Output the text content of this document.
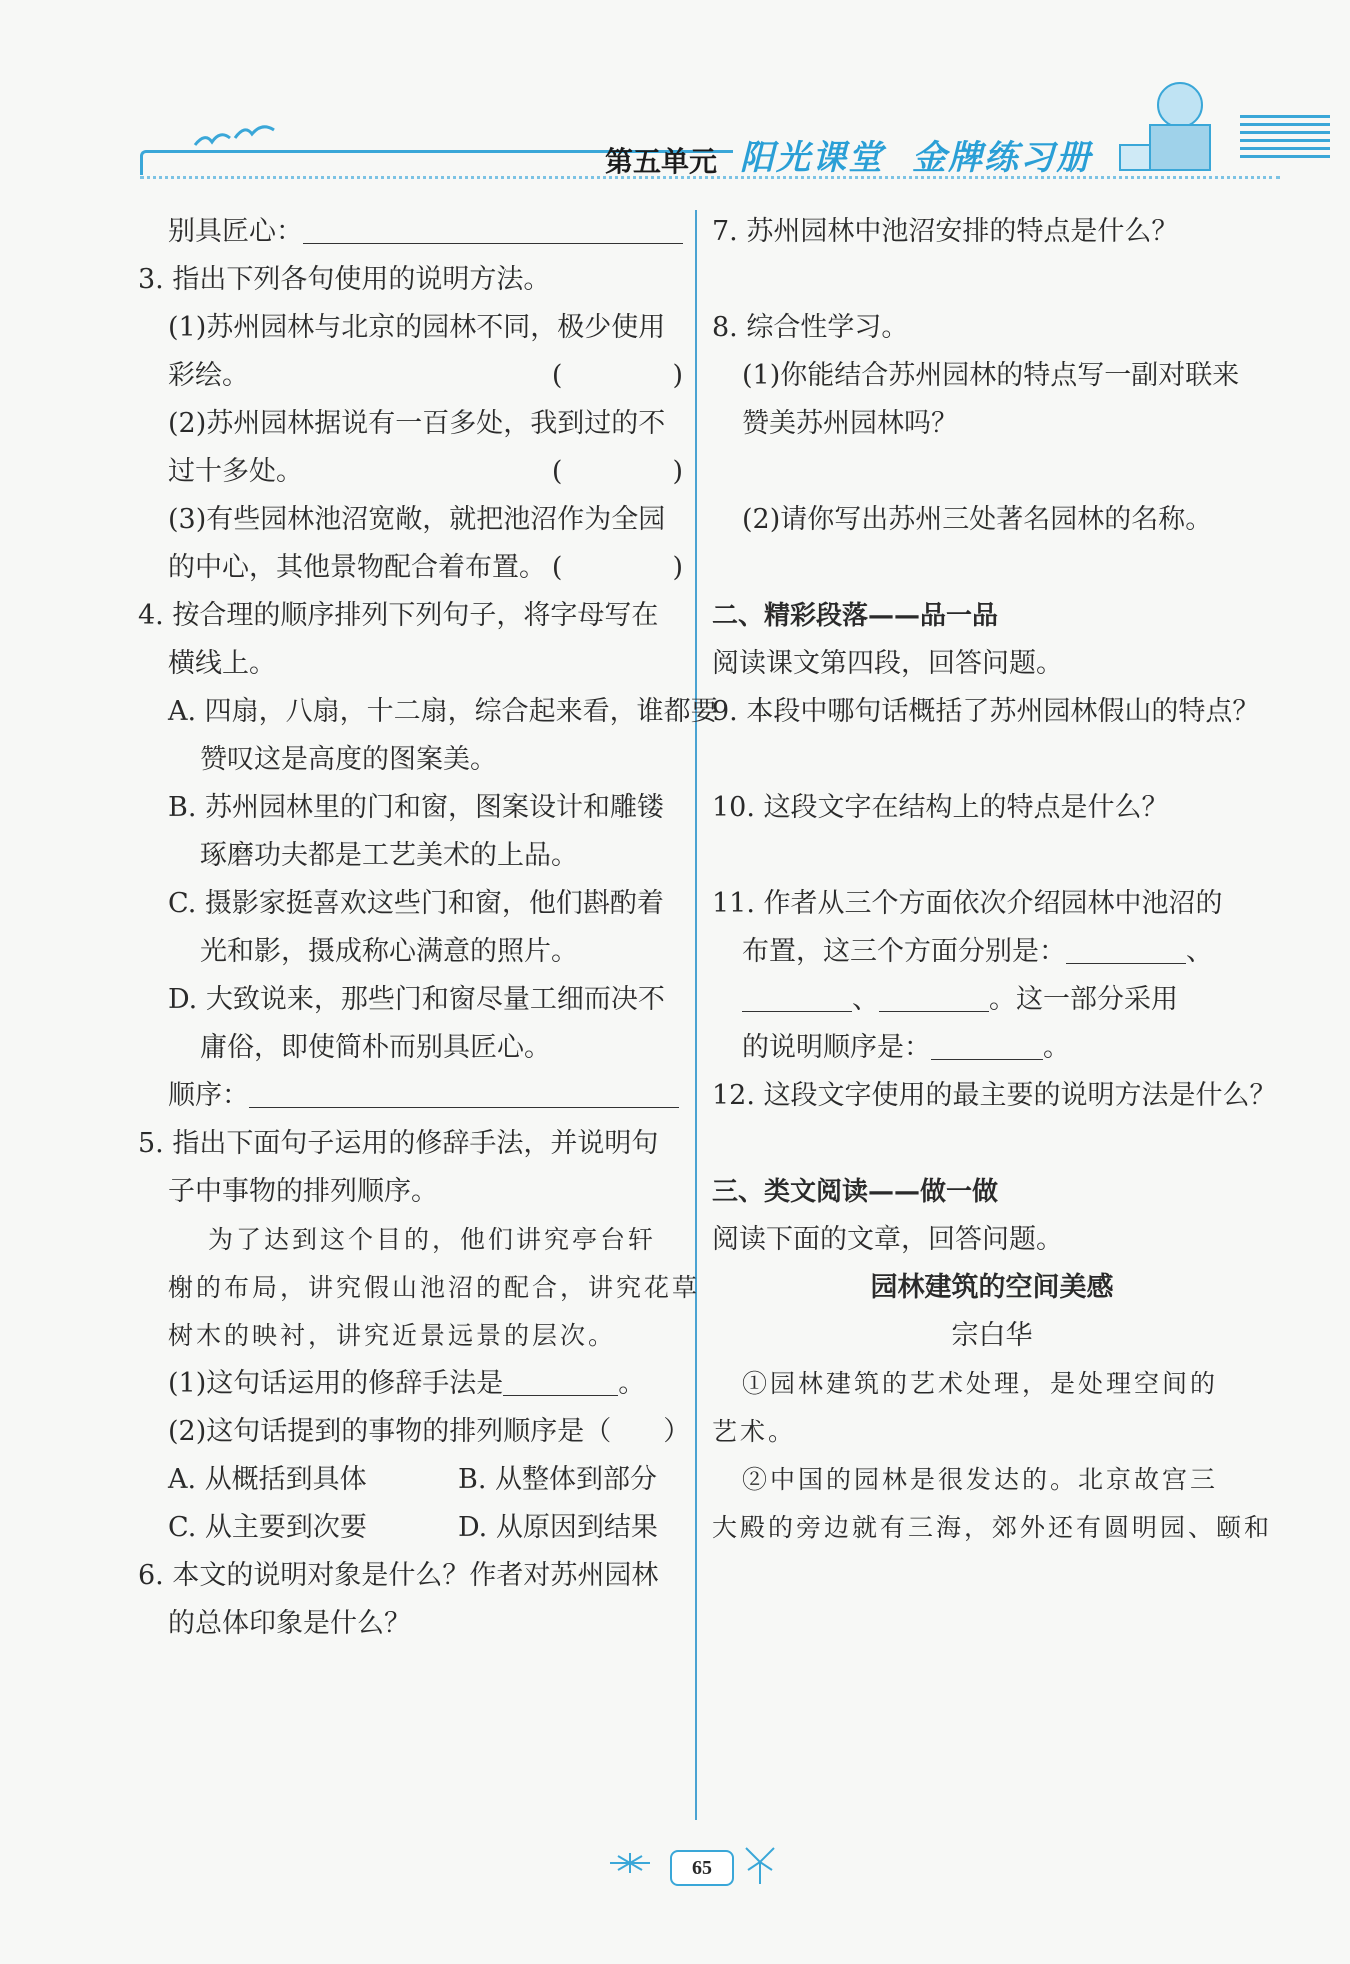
第五单元 阳光课堂 金牌练习册
别具匠心：
3. 指出下列各句使用的说明方法。
(1)苏州园林与北京的园林不同，极少使用
彩绘。	(	)
(2)苏州园林据说有一百多处，我到过的不
过十多处。	(	)
(3)有些园林池沼宽敞，就把池沼作为全园
的中心，其他景物配合着布置。 (	)
4. 按合理的顺序排列下列句子，将字母写在
横线上。
A. 四扇，八扇，十二扇，综合起来看，谁都要
赞叹这是高度的图案美。
B. 苏州园林里的门和窗，图案设计和雕镂
琢磨功夫都是工艺美术的上品。
C. 摄影家挺喜欢这些门和窗，他们斟酌着
光和影，摄成称心满意的照片。
D. 大致说来，那些门和窗尽量工细而决不
庸俗，即使简朴而别具匠心。
顺序：
5. 指出下面句子运用的修辞手法，并说明句
子中事物的排列顺序。
为了达到这个目的，他们讲究亭台轩
榭的布局，讲究假山池沼的配合，讲究花草
树木的映衬，讲究近景远景的层次。
(1)这句话运用的修辞手法是	。
(2)这句话提到的事物的排列顺序是（ ）
A. 从概括到具体	B. 从整体到部分
C. 从主要到次要	D. 从原因到结果
6. 本文的说明对象是什么？作者对苏州园林
的总体印象是什么？
7. 苏州园林中池沼安排的特点是什么？
8. 综合性学习。
(1)你能结合苏州园林的特点写一副对联来
赞美苏州园林吗？
(2)请你写出苏州三处著名园林的名称。
二、精彩段落——品一品
阅读课文第四段，回答问题。
9. 本段中哪句话概括了苏州园林假山的特点？
10. 这段文字在结构上的特点是什么？
11. 作者从三个方面依次介绍园林中池沼的
布置，这三个方面分别是：	、
、	。这一部分采用
的说明顺序是：	。
12. 这段文字使用的最主要的说明方法是什么？
三、类文阅读——做一做
阅读下面的文章，回答问题。
园林建筑的空间美感
宗白华
①园林建筑的艺术处理，是处理空间的
艺术。
②中国的园林是很发达的。北京故宫三
大殿的旁边就有三海，郊外还有圆明园、颐和
65
